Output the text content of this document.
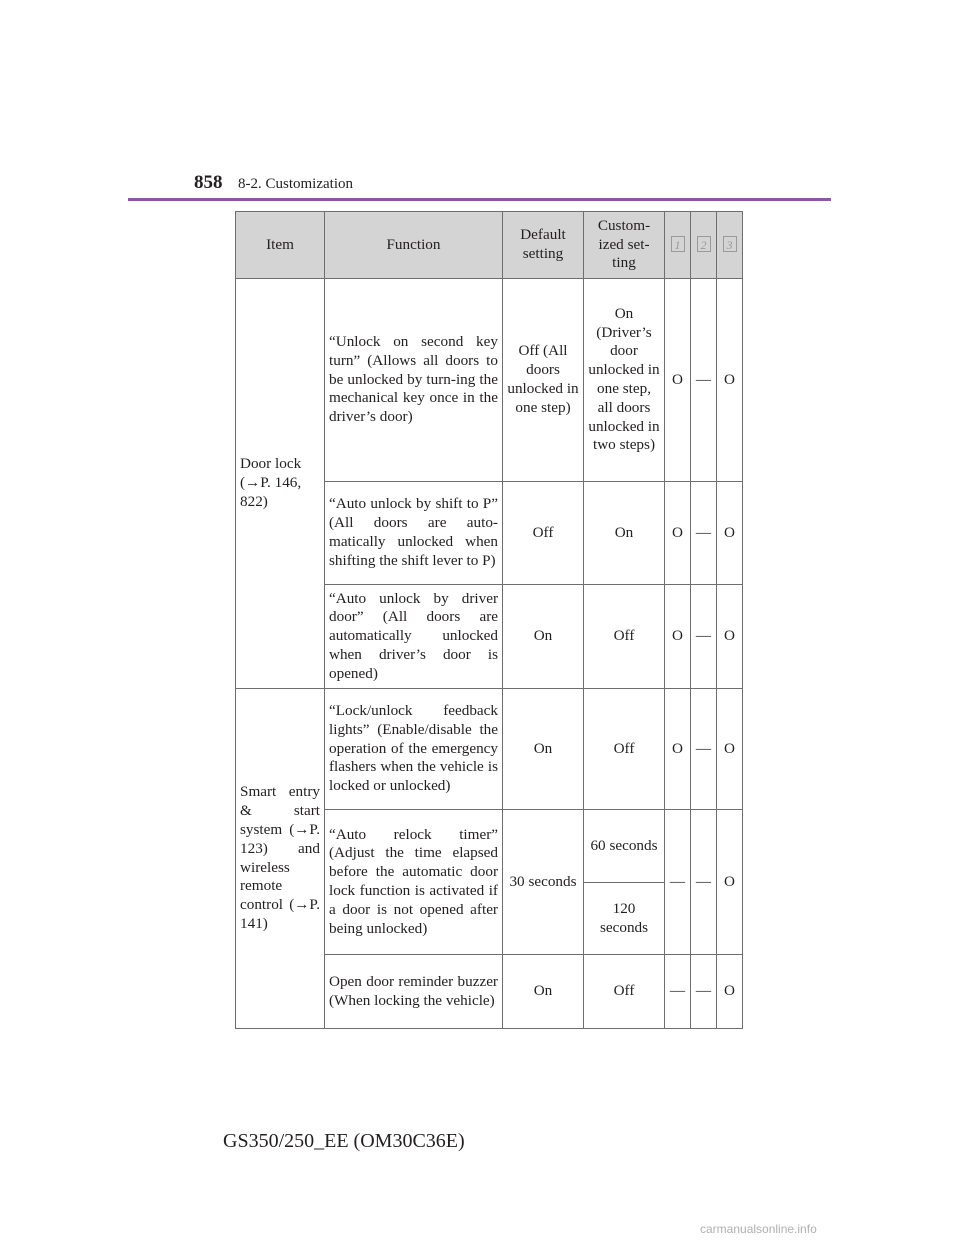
858 8-2. Customization
Item	Function	Default setting	Custom-ized set-ting	1	2	3
Door lock (→P. 146, 822)	“Unlock on second key turn” (Allows all doors to be unlocked by turn-ing the mechanical key once in the driver’s door)	Off (All doors unlocked in one step)	On (Driver’s door unlocked in one step, all doors unlocked in two steps)	O	—	O
	“Auto unlock by shift to P” (All doors are auto-matically unlocked when shifting the shift lever to P)	Off	On	O	—	O
	“Auto unlock by driver door” (All doors are automatically unlocked when driver’s door is opened)	On	Off	O	—	O
Smart entry & start system (→P. 123) and wireless remote control (→P. 141)	“Lock/unlock feedback lights” (Enable/disable the operation of the emergency flashers when the vehicle is locked or unlocked)	On	Off	O	—	O
	“Auto relock timer” (Adjust the time elapsed before the automatic door lock function is activated if a door is not opened after being unlocked)	30 seconds	60 seconds	—	—	O
			120 seconds			
	Open door reminder buzzer (When locking the vehicle)	On	Off	—	—	O
GS350/250_EE (OM30C36E)
carmanualsonline.info
